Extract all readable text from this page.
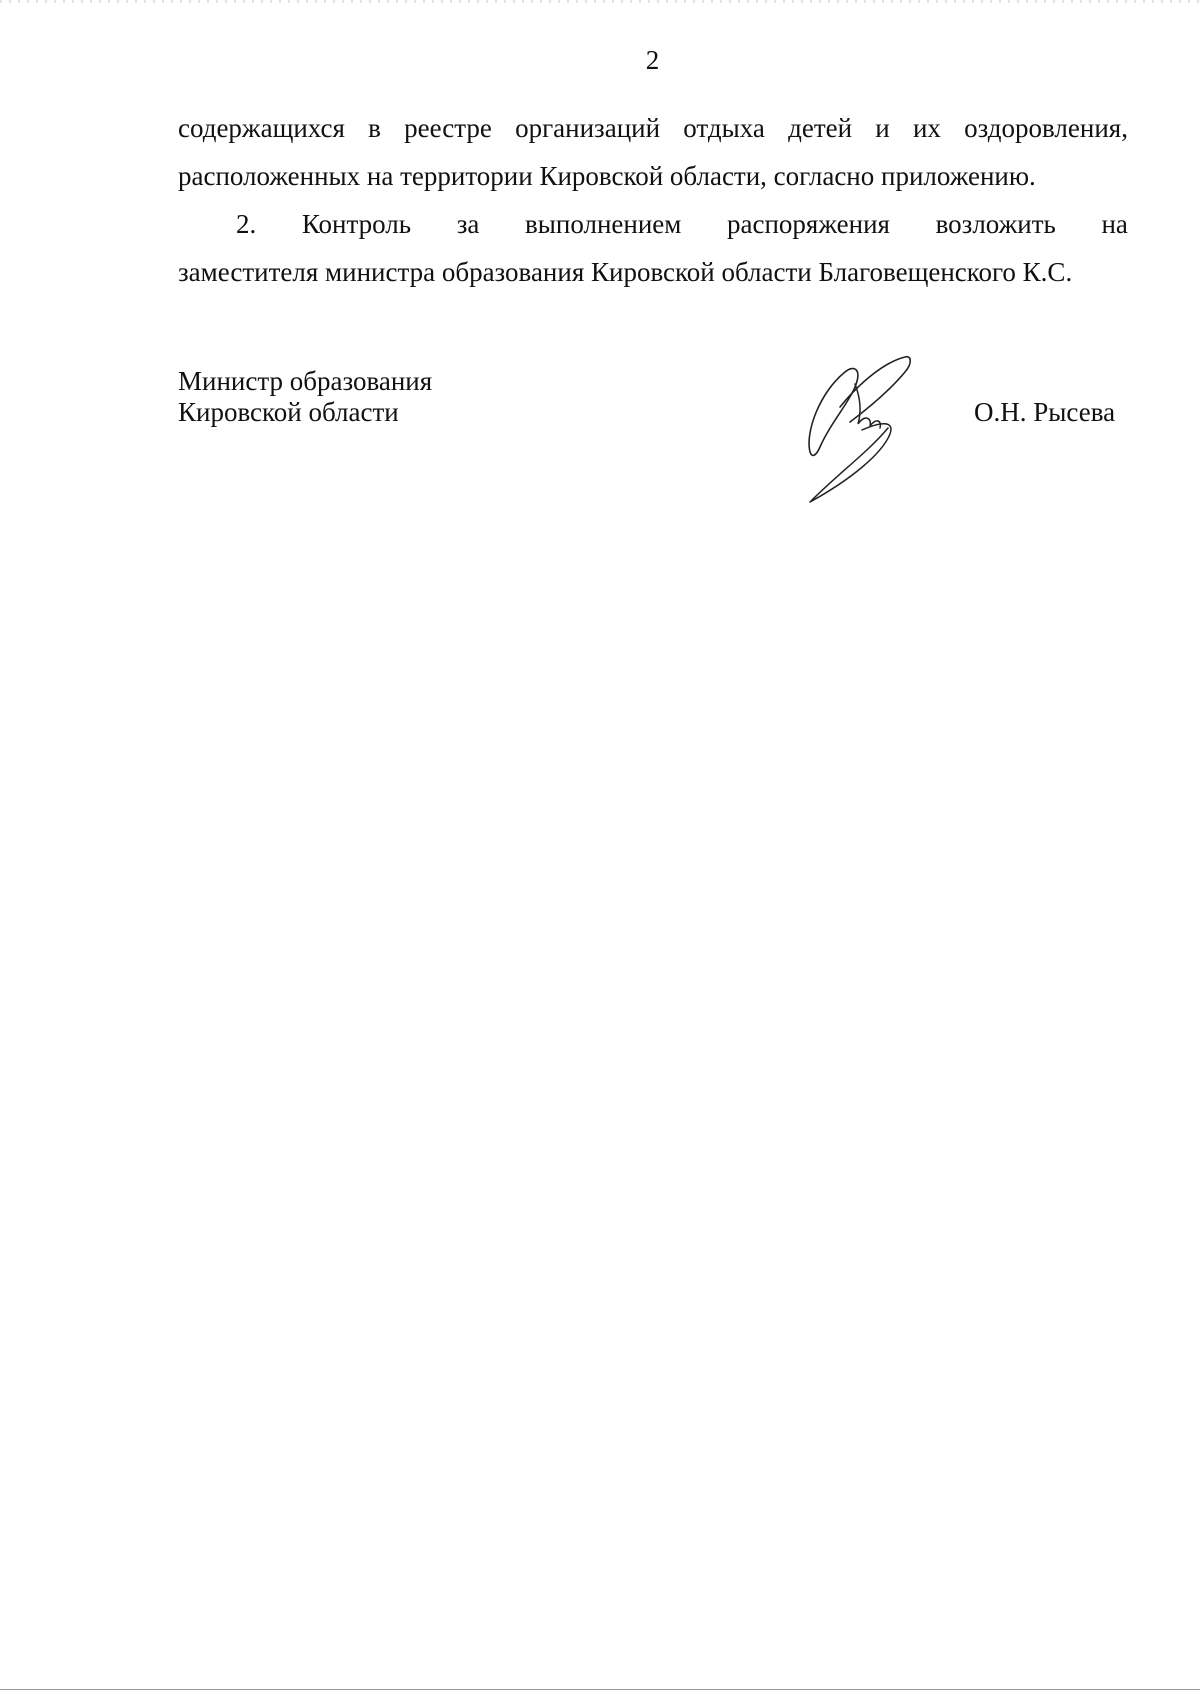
2
содержащихся в реестре организаций отдыха детей и их оздоровления,
расположенных на территории Кировской области, согласно приложению.
2. Контроль за выполнением распоряжения возложить на
заместителя министра образования Кировской области Благовещенского К.С.
Министр образования
Кировской области	О.Н. Рысева
